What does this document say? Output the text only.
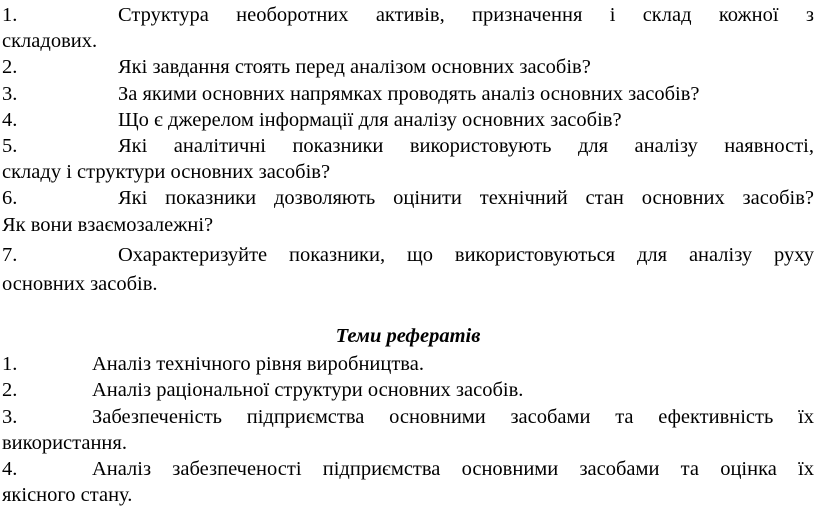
1.	Структура необоротних активів, призначення і склад кожної з
складових.
2.	Які завдання стоять перед аналізом основних засобів?
3.	За якими основних напрямках проводять аналіз основних засобів?
4.	Що є джерелом інформації для аналізу основних засобів?
5.	Які аналітичні показники використовують для аналізу наявності,
складу і структури основних засобів?
6.	Які показники дозволяють оцінити технічний стан основних засобів?
Як вони взаємозалежні?
7.	Охарактеризуйте показники, що використовуються для аналізу руху
основних засобів.
Теми рефератів
1.	Аналіз технічного рівня виробництва.
2.	Аналіз раціональної структури основних засобів.
3.	Забезпеченість підприємства основними засобами та ефективність їх
використання.
4.	Аналіз забезпеченості підприємства основними засобами та оцінка їх
якісного стану.
